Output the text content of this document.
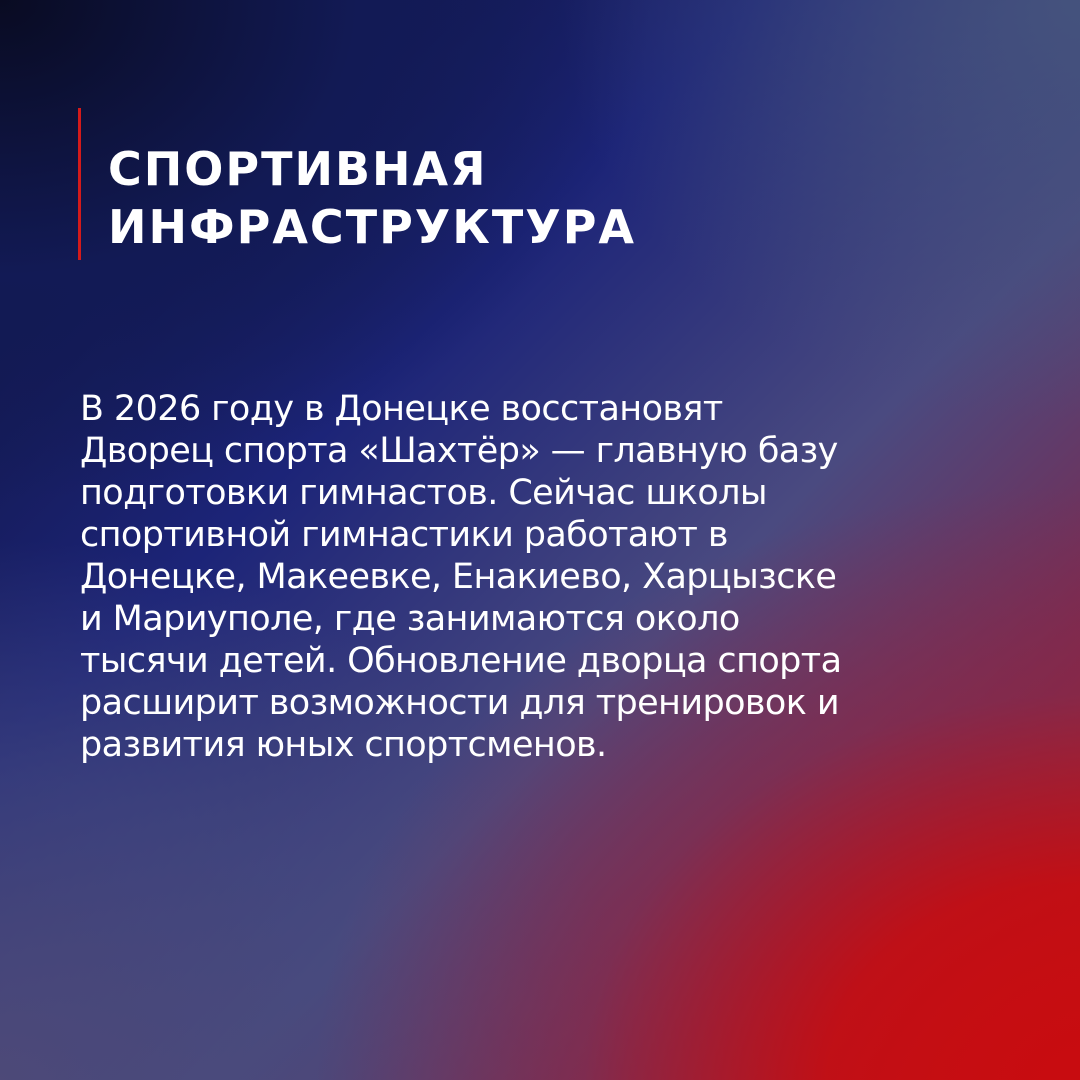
СПОРТИВНАЯ
ИНФРАСТРУКТУРА

В 2026 году в Донецке восстановят
Дворец спорта «Шахтёр» — главную базу
подготовки гимнастов. Сейчас школы
спортивной гимнастики работают в
Донецке, Макеевке, Енакиево, Харцызске
и Мариуполе, где занимаются около
тысячи детей. Обновление дворца спорта
расширит возможности для тренировок и
развития юных спортсменов.
